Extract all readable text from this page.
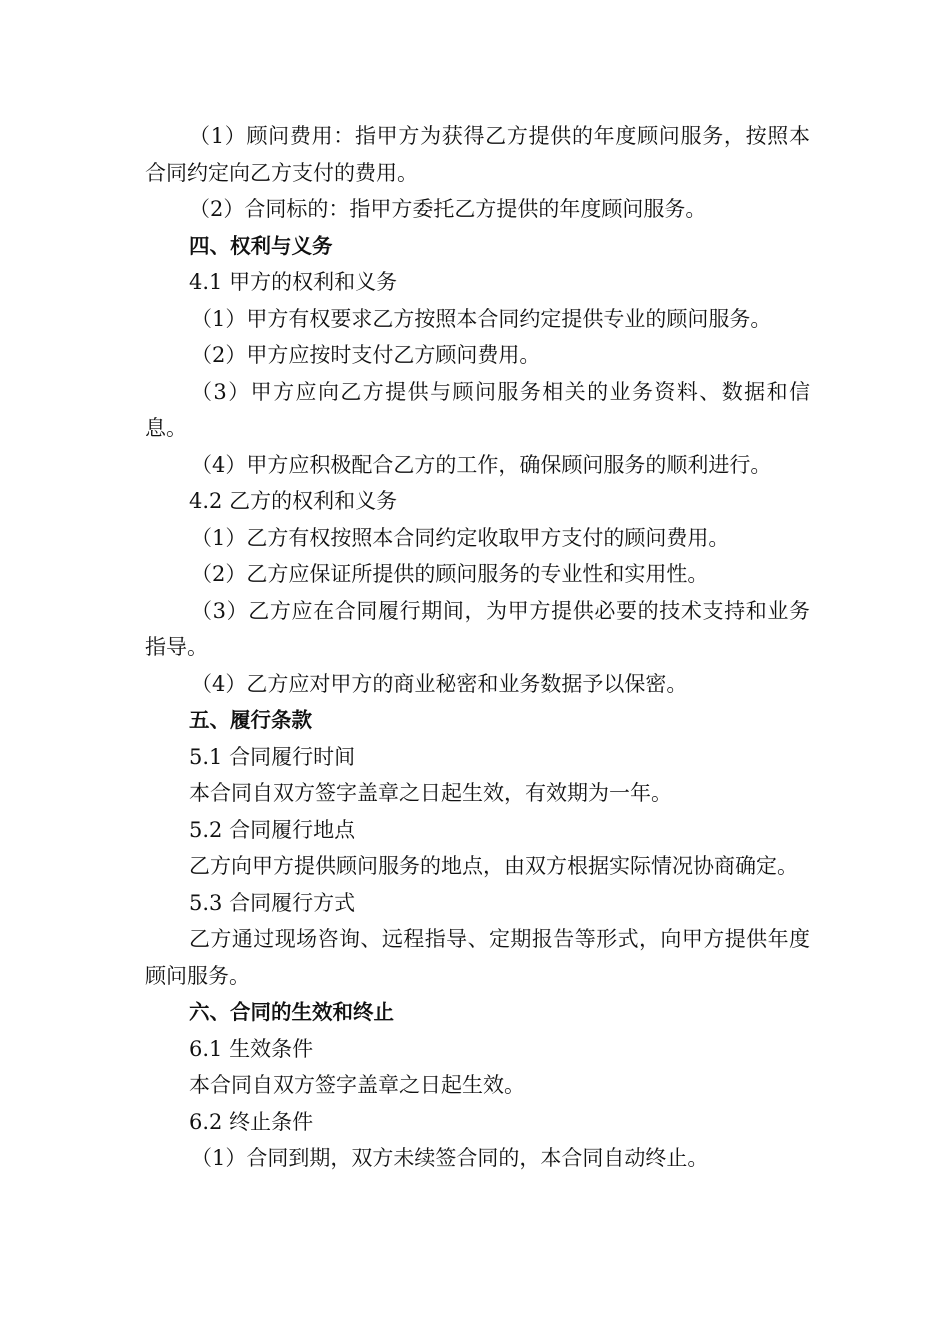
（1）顾问费用：指甲方为获得乙方提供的年度顾问服务，按照本合同约定向乙方支付的费用。

（2）合同标的：指甲方委托乙方提供的年度顾问服务。

四、权利与义务

4.1 甲方的权利和义务

（1）甲方有权要求乙方按照本合同约定提供专业的顾问服务。

（2）甲方应按时支付乙方顾问费用。

（3）甲方应向乙方提供与顾问服务相关的业务资料、数据和信息。

（4）甲方应积极配合乙方的工作，确保顾问服务的顺利进行。

4.2 乙方的权利和义务

（1）乙方有权按照本合同约定收取甲方支付的顾问费用。

（2）乙方应保证所提供的顾问服务的专业性和实用性。

（3）乙方应在合同履行期间，为甲方提供必要的技术支持和业务指导。

（4）乙方应对甲方的商业秘密和业务数据予以保密。

五、履行条款

5.1 合同履行时间

本合同自双方签字盖章之日起生效，有效期为一年。

5.2 合同履行地点

乙方向甲方提供顾问服务的地点，由双方根据实际情况协商确定。

5.3 合同履行方式

乙方通过现场咨询、远程指导、定期报告等形式，向甲方提供年度顾问服务。

六、合同的生效和终止

6.1 生效条件

本合同自双方签字盖章之日起生效。

6.2 终止条件

（1）合同到期，双方未续签合同的，本合同自动终止。
